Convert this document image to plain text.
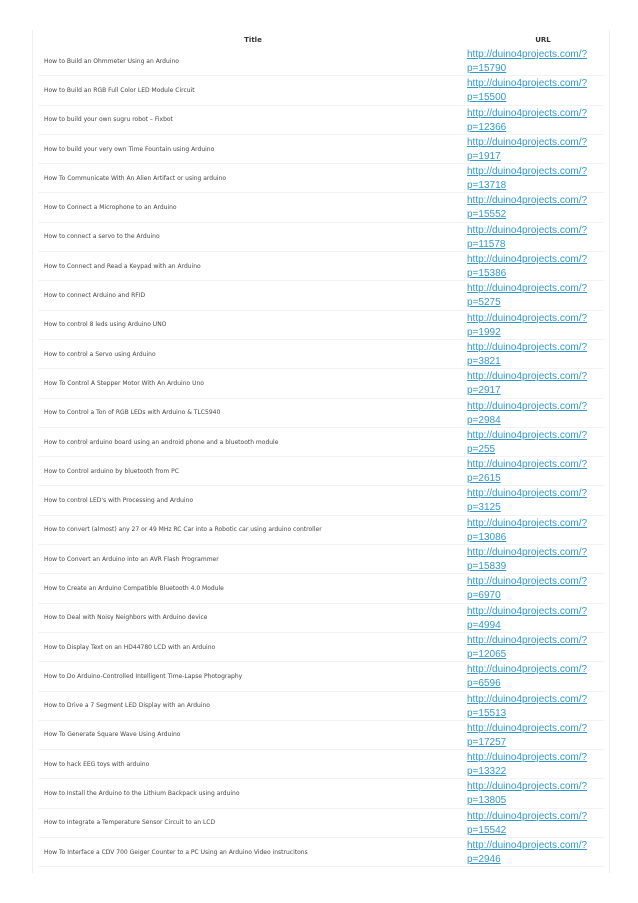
Title	URL
How to Build an Ohmmeter Using an Arduino
http://duino4projects.com/?
p=15790
How to Build an RGB Full Color LED Module Circuit
http://duino4projects.com/?
p=15500
How to build your own sugru robot – Fixbot
http://duino4projects.com/?
p=12366
How to build your very own Time Fountain using Arduino
http://duino4projects.com/?
p=1917
How To Communicate With An Alien Artifact or using arduino
http://duino4projects.com/?
p=13718
How to Connect a Microphone to an Arduino
http://duino4projects.com/?
p=15552
How to connect a servo to the Arduino
http://duino4projects.com/?
p=11578
How to Connect and Read a Keypad with an Arduino
http://duino4projects.com/?
p=15386
How to connect Arduino and RFID
http://duino4projects.com/?
p=5275
How to control 8 leds using Arduino UNO
http://duino4projects.com/?
p=1992
How to control a Servo using Arduino
http://duino4projects.com/?
p=3821
How To Control A Stepper Motor With An Arduino Uno
http://duino4projects.com/?
p=2917
How to Control a Ton of RGB LEDs with Arduino & TLC5940
http://duino4projects.com/?
p=2984
How to control arduino board using an android phone and a bluetooth module
http://duino4projects.com/?
p=255
How to Control arduino by bluetooth from PC
http://duino4projects.com/?
p=2615
How to control LED's with Processing and Arduino
http://duino4projects.com/?
p=3125
How to convert (almost) any 27 or 49 MHz RC Car into a Robotic car using arduino controller
http://duino4projects.com/?
p=13086
How to Convert an Arduino into an AVR Flash Programmer
http://duino4projects.com/?
p=15839
How to Create an Arduino Compatible Bluetooth 4.0 Module
http://duino4projects.com/?
p=6970
How to Deal with Noisy Neighbors with Arduino device
http://duino4projects.com/?
p=4994
How to Display Text on an HD44780 LCD with an Arduino
http://duino4projects.com/?
p=12065
How to Do Arduino-Controlled Intelligent Time-Lapse Photography
http://duino4projects.com/?
p=6596
How to Drive a 7 Segment LED Display with an Arduino
http://duino4projects.com/?
p=15513
How To Generate Square Wave Using Arduino
http://duino4projects.com/?
p=17257
How to hack EEG toys with arduino
http://duino4projects.com/?
p=13322
How to Install the Arduino to the Lithium Backpack using arduino
http://duino4projects.com/?
p=13805
How to Integrate a Temperature Sensor Circuit to an LCD
http://duino4projects.com/?
p=15542
How To Interface a CDV 700 Geiger Counter to a PC Using an Arduino Video instrucitons
http://duino4projects.com/?
p=2946
